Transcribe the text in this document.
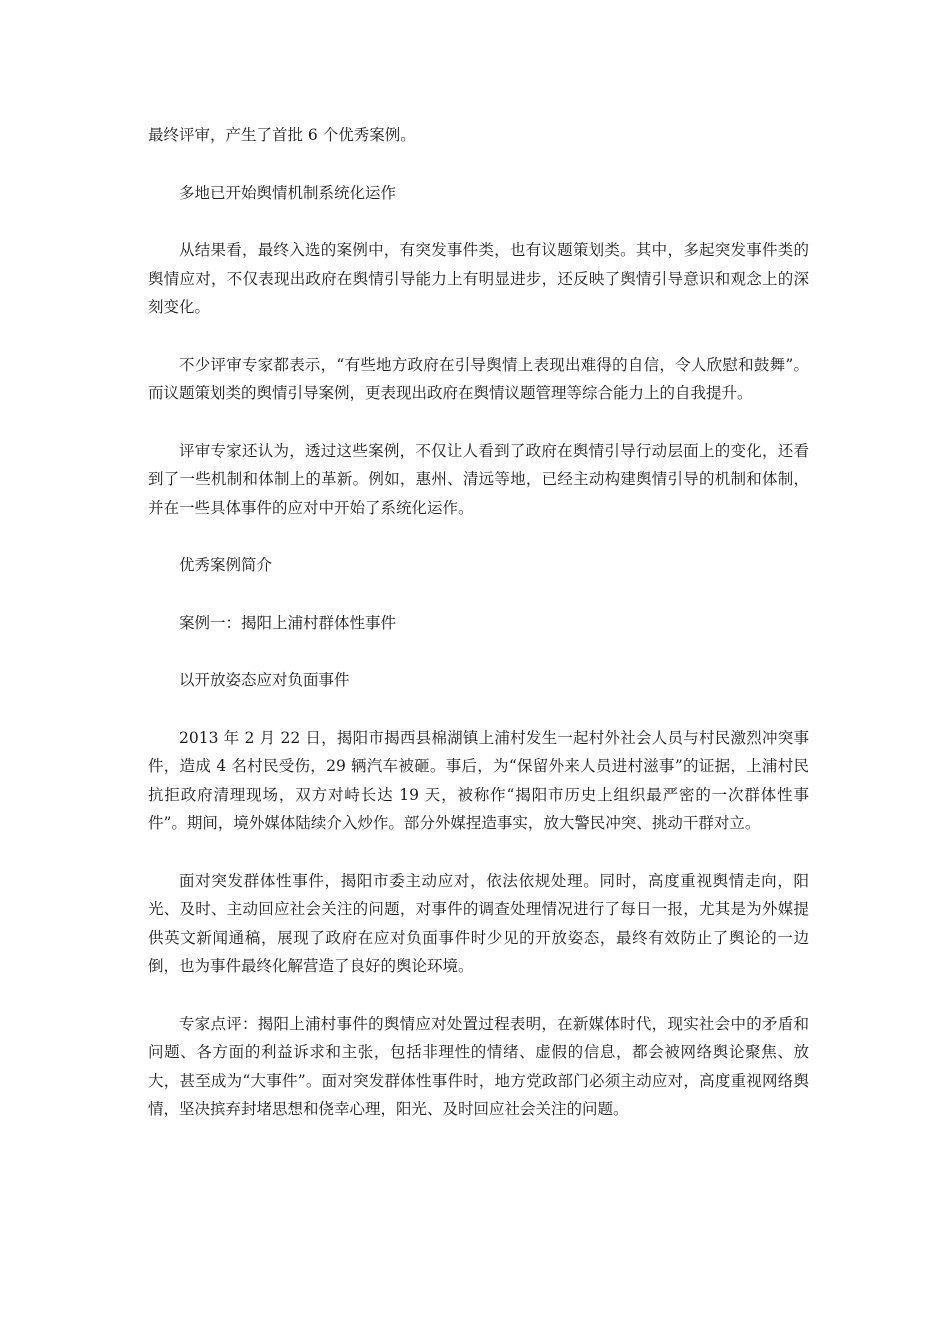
最终评审，产生了首批 6 个优秀案例。

多地已开始舆情机制系统化运作

从结果看，最终入选的案例中，有突发事件类，也有议题策划类。其中，多起突发事件类的舆情应对，不仅表现出政府在舆情引导能力上有明显进步，还反映了舆情引导意识和观念上的深刻变化。

不少评审专家都表示，“有些地方政府在引导舆情上表现出难得的自信，令人欣慰和鼓舞”。而议题策划类的舆情引导案例，更表现出政府在舆情议题管理等综合能力上的自我提升。

评审专家还认为，透过这些案例，不仅让人看到了政府在舆情引导行动层面上的变化，还看到了一些机制和体制上的革新。例如，惠州、清远等地，已经主动构建舆情引导的机制和体制，并在一些具体事件的应对中开始了系统化运作。

优秀案例简介

案例一：揭阳上浦村群体性事件

以开放姿态应对负面事件

2013 年 2 月 22 日，揭阳市揭西县棉湖镇上浦村发生一起村外社会人员与村民激烈冲突事件，造成 4 名村民受伤，29 辆汽车被砸。事后，为“保留外来人员进村滋事”的证据，上浦村民抗拒政府清理现场，双方对峙长达 19 天，被称作“揭阳市历史上组织最严密的一次群体性事件”。期间，境外媒体陆续介入炒作。部分外媒捏造事实，放大警民冲突、挑动干群对立。

面对突发群体性事件，揭阳市委主动应对，依法依规处理。同时，高度重视舆情走向，阳光、及时、主动回应社会关注的问题，对事件的调查处理情况进行了每日一报，尤其是为外媒提供英文新闻通稿，展现了政府在应对负面事件时少见的开放姿态，最终有效防止了舆论的一边倒，也为事件最终化解营造了良好的舆论环境。

专家点评：揭阳上浦村事件的舆情应对处置过程表明，在新媒体时代，现实社会中的矛盾和问题、各方面的利益诉求和主张，包括非理性的情绪、虚假的信息，都会被网络舆论聚焦、放大，甚至成为“大事件”。面对突发群体性事件时，地方党政部门必须主动应对，高度重视网络舆情，坚决摈弃封堵思想和侥幸心理，阳光、及时回应社会关注的问题。
